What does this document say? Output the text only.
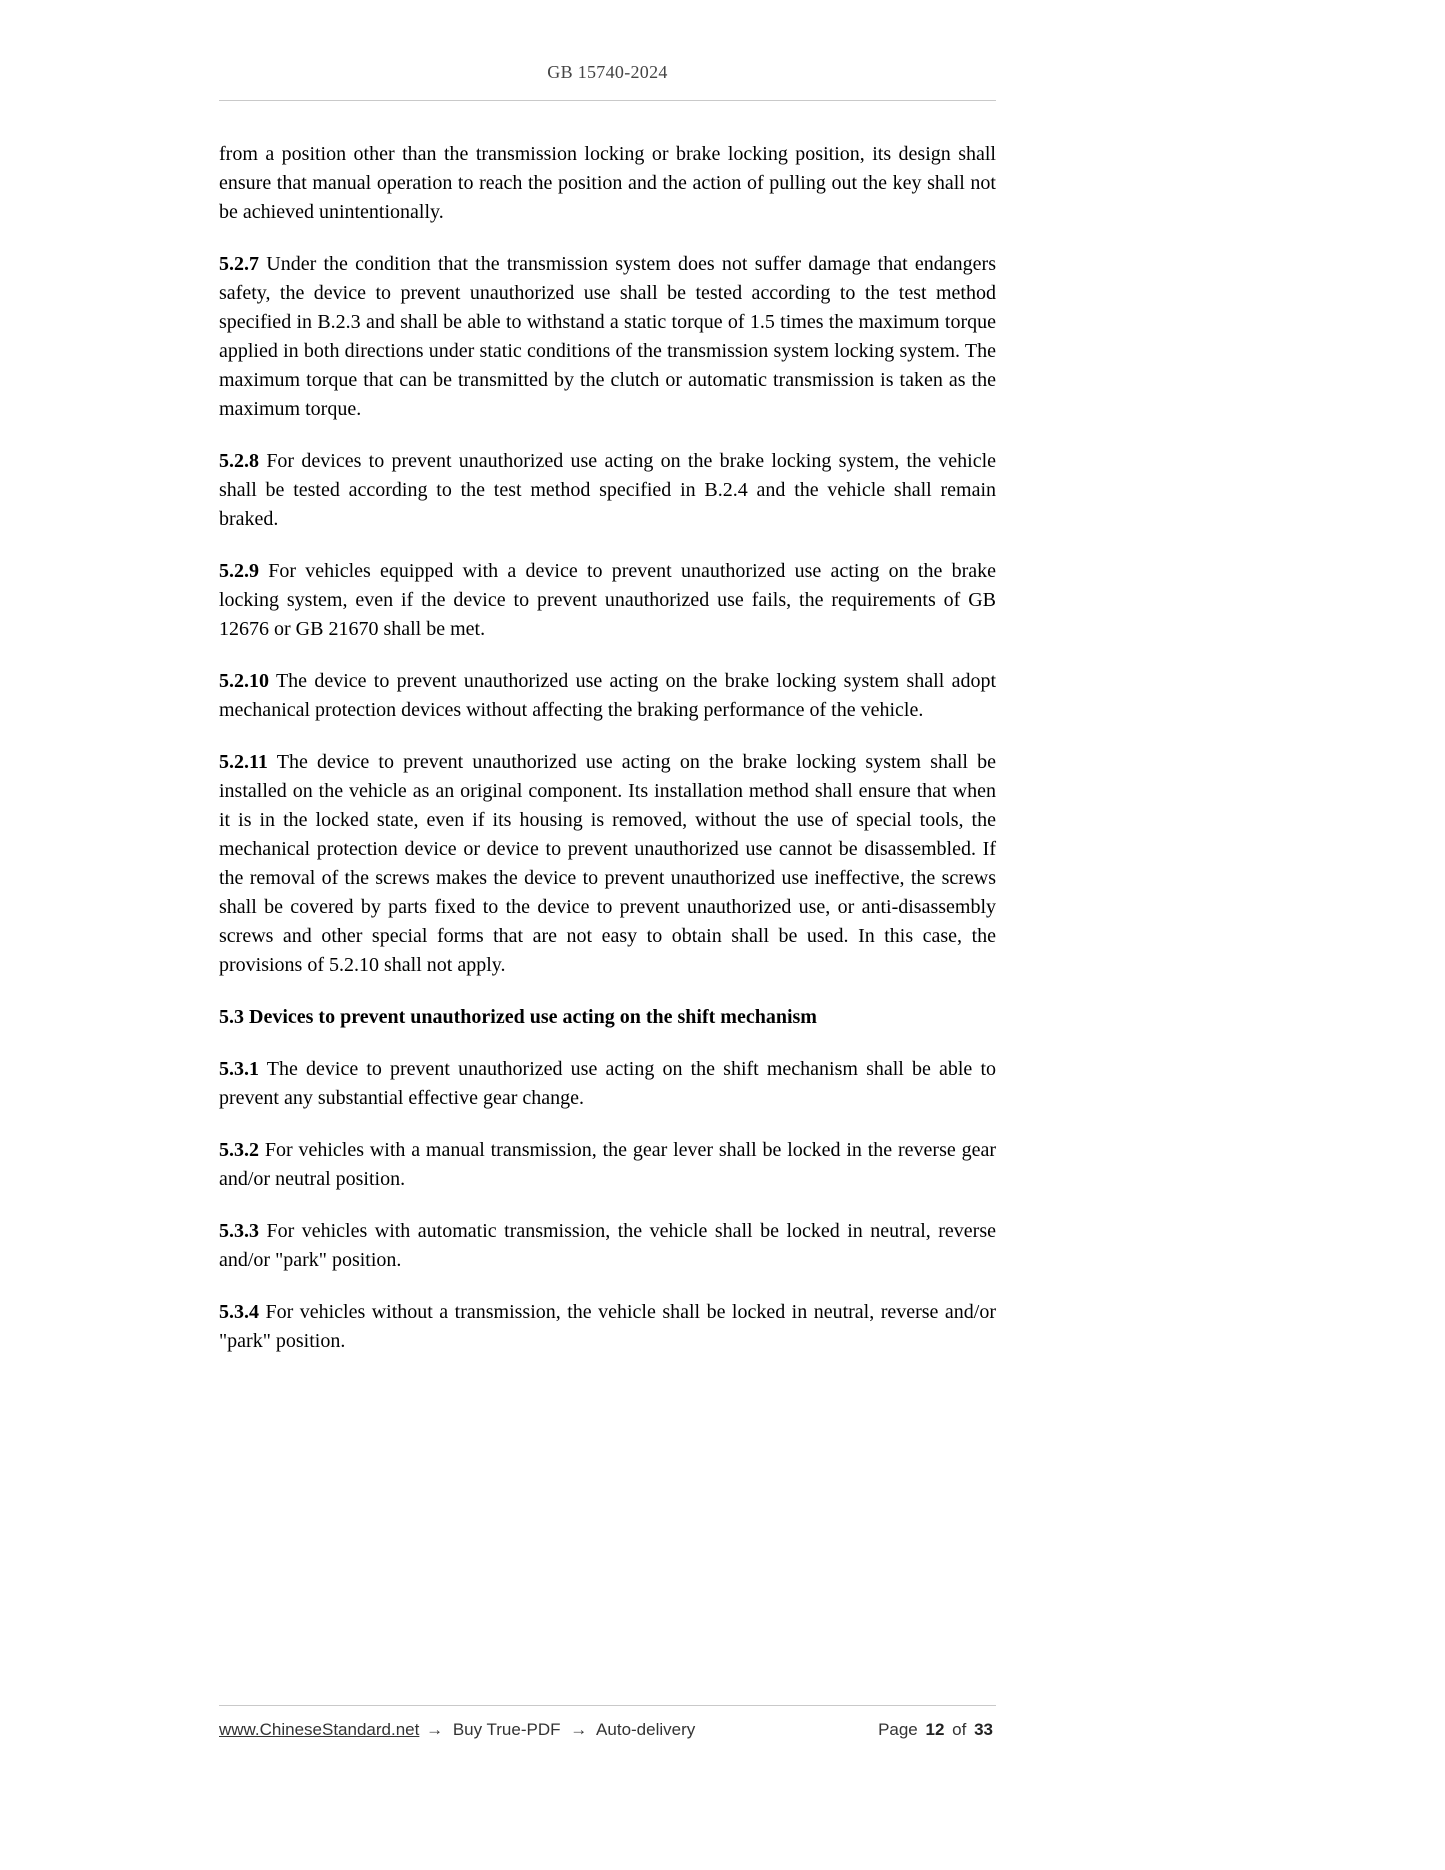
GB 15740-2024

from a position other than the transmission locking or brake locking position, its design shall ensure that manual operation to reach the position and the action of pulling out the key shall not be achieved unintentionally.

5.2.7 Under the condition that the transmission system does not suffer damage that endangers safety, the device to prevent unauthorized use shall be tested according to the test method specified in B.2.3 and shall be able to withstand a static torque of 1.5 times the maximum torque applied in both directions under static conditions of the transmission system locking system. The maximum torque that can be transmitted by the clutch or automatic transmission is taken as the maximum torque.

5.2.8 For devices to prevent unauthorized use acting on the brake locking system, the vehicle shall be tested according to the test method specified in B.2.4 and the vehicle shall remain braked.

5.2.9 For vehicles equipped with a device to prevent unauthorized use acting on the brake locking system, even if the device to prevent unauthorized use fails, the requirements of GB 12676 or GB 21670 shall be met.

5.2.10 The device to prevent unauthorized use acting on the brake locking system shall adopt mechanical protection devices without affecting the braking performance of the vehicle.

5.2.11 The device to prevent unauthorized use acting on the brake locking system shall be installed on the vehicle as an original component. Its installation method shall ensure that when it is in the locked state, even if its housing is removed, without the use of special tools, the mechanical protection device or device to prevent unauthorized use cannot be disassembled. If the removal of the screws makes the device to prevent unauthorized use ineffective, the screws shall be covered by parts fixed to the device to prevent unauthorized use, or anti-disassembly screws and other special forms that are not easy to obtain shall be used. In this case, the provisions of 5.2.10 shall not apply.

5.3 Devices to prevent unauthorized use acting on the shift mechanism

5.3.1 The device to prevent unauthorized use acting on the shift mechanism shall be able to prevent any substantial effective gear change.

5.3.2 For vehicles with a manual transmission, the gear lever shall be locked in the reverse gear and/or neutral position.

5.3.3 For vehicles with automatic transmission, the vehicle shall be locked in neutral, reverse and/or "park" position.

5.3.4 For vehicles without a transmission, the vehicle shall be locked in neutral, reverse and/or "park" position.

www.ChineseStandard.net → Buy True-PDF → Auto-delivery	Page 12 of 33
